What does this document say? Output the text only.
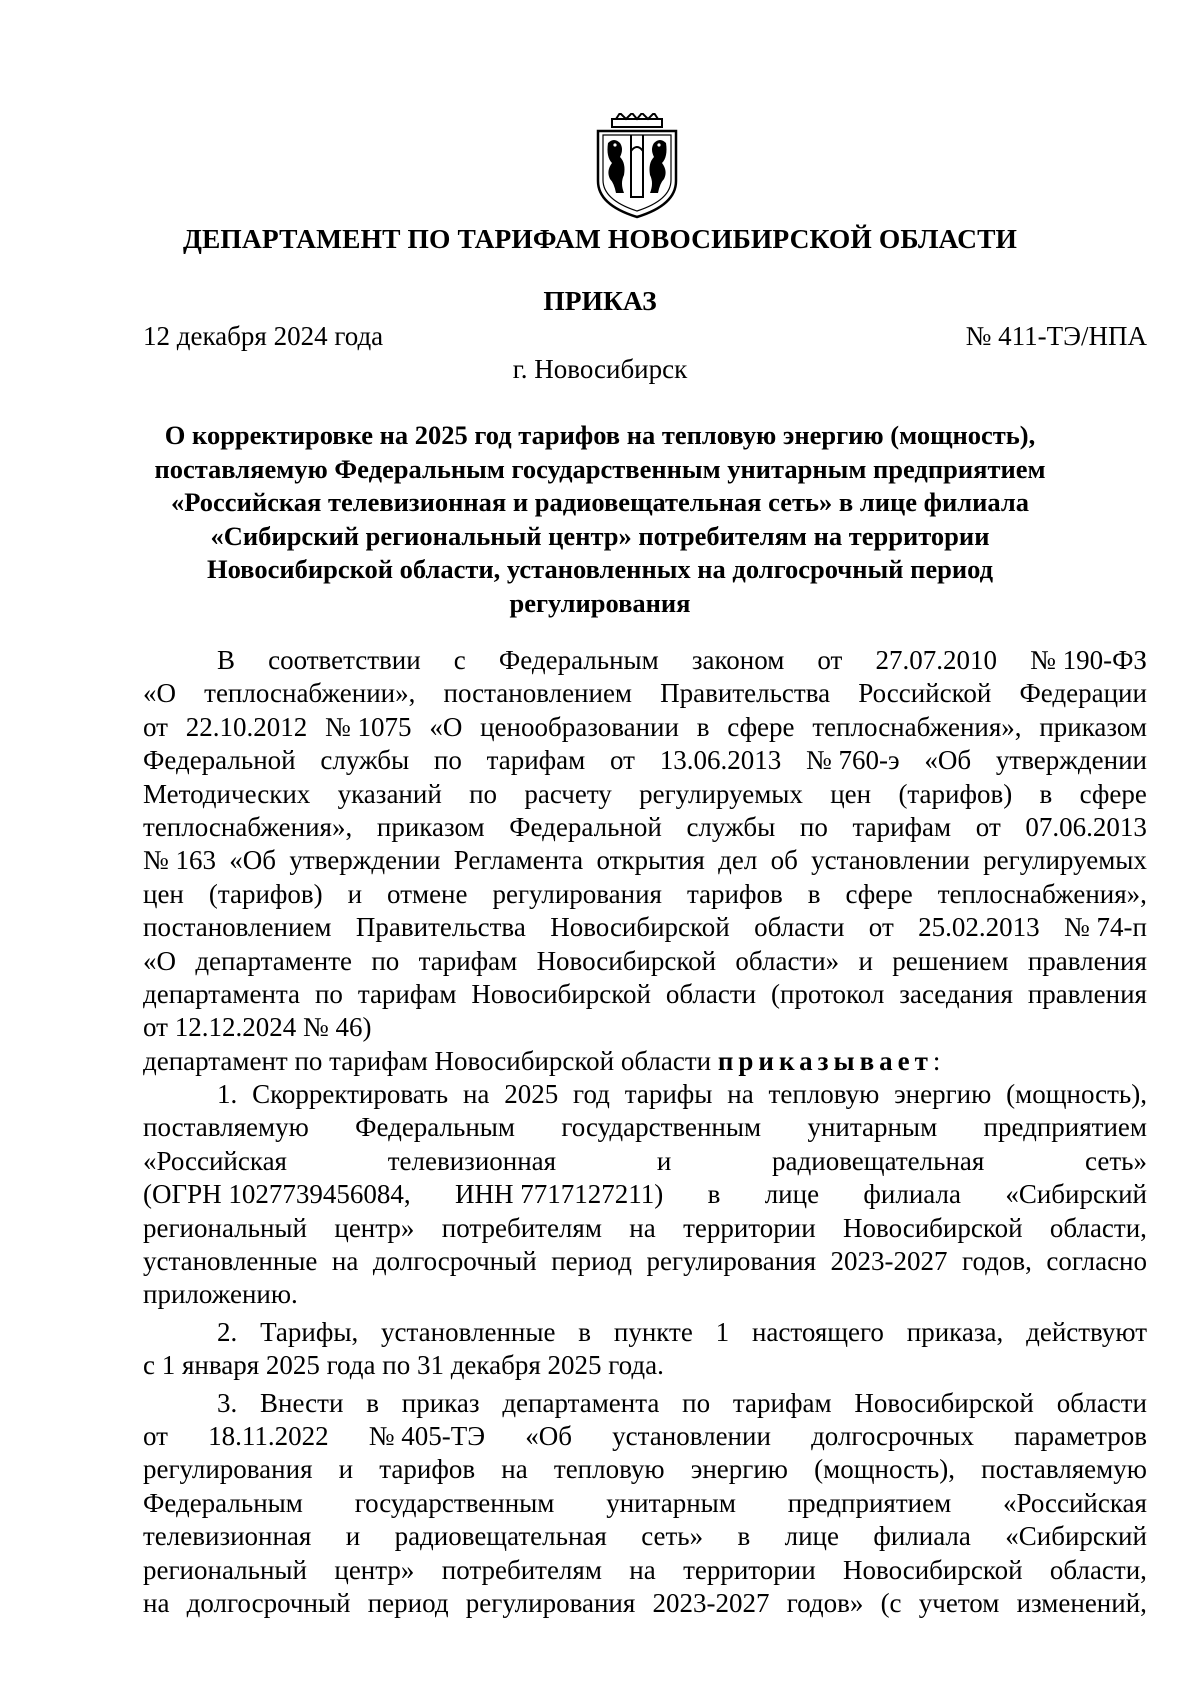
ДЕПАРТАМЕНТ ПО ТАРИФАМ НОВОСИБИРСКОЙ ОБЛАСТИ
ПРИКАЗ
12 декабря 2024 года	№ 411-ТЭ/НПА
г. Новосибирск
О корректировке на 2025 год тарифов на тепловую энергию (мощность),
поставляемую Федеральным государственным унитарным предприятием
«Российская телевизионная и радиовещательная сеть» в лице филиала
«Сибирский региональный центр» потребителям на территории
Новосибирской области, установленных на долгосрочный период
регулирования
В соответствии с Федеральным законом от 27.07.2010 № 190-ФЗ
«О теплоснабжении», постановлением Правительства Российской Федерации
от 22.10.2012 № 1075 «О ценообразовании в сфере теплоснабжения», приказом
Федеральной службы по тарифам от 13.06.2013 № 760-э «Об утверждении
Методических указаний по расчету регулируемых цен (тарифов) в сфере
теплоснабжения», приказом Федеральной службы по тарифам от 07.06.2013
№ 163 «Об утверждении Регламента открытия дел об установлении регулируемых
цен (тарифов) и отмене регулирования тарифов в сфере теплоснабжения»,
постановлением Правительства Новосибирской области от 25.02.2013 № 74-п
«О департаменте по тарифам Новосибирской области» и решением правления
департамента по тарифам Новосибирской области (протокол заседания правления
от 12.12.2024 № 46)
департамент по тарифам Новосибирской области приказывает :
1. Скорректировать на 2025 год тарифы на тепловую энергию (мощность),
поставляемую Федеральным государственным унитарным предприятием
«Российская	телевизионная	и	радиовещательная	сеть»
(ОГРН 1027739456084, ИНН 7717127211) в лице филиала «Сибирский
региональный центр» потребителям на территории Новосибирской области,
установленные на долгосрочный период регулирования 2023-2027 годов, согласно
приложению.
2. Тарифы, установленные в пункте 1 настоящего приказа, действуют
с 1 января 2025 года по 31 декабря 2025 года.
3. Внести в приказ департамента по тарифам Новосибирской области
от 18.11.2022 № 405-ТЭ «Об установлении долгосрочных параметров
регулирования и тарифов на тепловую энергию (мощность), поставляемую
Федеральным государственным унитарным предприятием «Российская
телевизионная и радиовещательная сеть» в лице филиала «Сибирский
региональный центр» потребителям на территории Новосибирской области,
на долгосрочный период регулирования 2023-2027 годов» (с учетом изменений,
